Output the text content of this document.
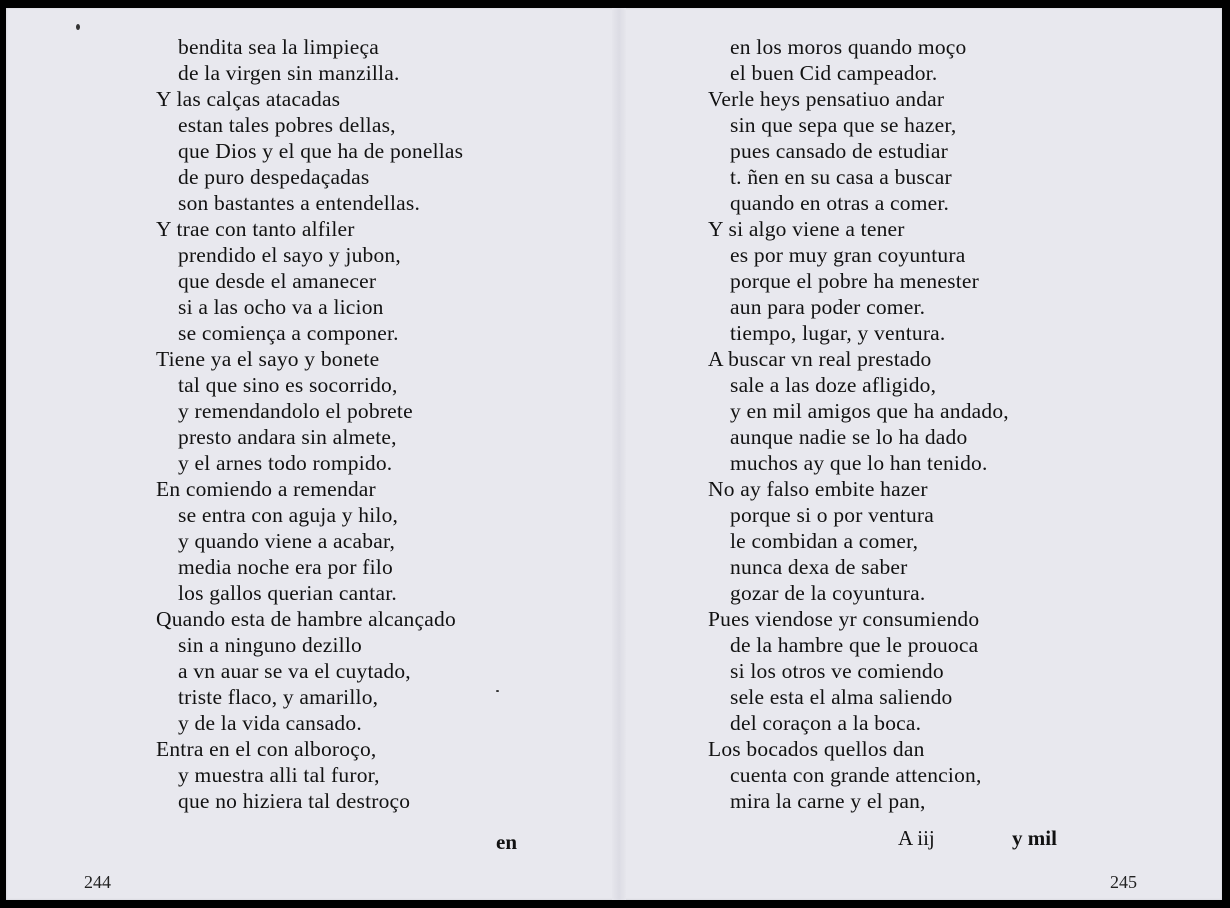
bendita sea la limpieça
de la virgen sin manzilla.
Y las calças atacadas
estan tales pobres dellas,
que Dios y el que ha de ponellas
de puro despedaçadas
son bastantes a entendellas.
Y trae con tanto alfiler
prendido el sayo y jubon,
que desde el amanecer
si a las ocho va a licion
se comiença a componer.
Tiene ya el sayo y bonete
tal que sino es socorrido,
y remendandolo el pobrete
presto andara sin almete,
y el arnes todo rompido.
En comiendo a remendar
se entra con aguja y hilo,
y quando viene a acabar,
media noche era por filo
los gallos querian cantar.
Quando esta de hambre alcançado
sin a ninguno dezillo
a vn auar se va el cuytado,
triste flaco, y amarillo,
y de la vida cansado.
Entra en el con alboroço,
y muestra alli tal furor,
que no hiziera tal destroço
en
244
en los moros quando moço
el buen Cid campeador.
Verle heys pensatiuo andar
sin que sepa que se hazer,
pues cansado de estudiar
t. ñen en su casa a buscar
quando en otras a comer.
Y si algo viene a tener
es por muy gran coyuntura
porque el pobre ha menester
aun para poder comer.
tiempo, lugar, y ventura.
A buscar vn real prestado
sale a las doze afligido,
y en mil amigos que ha andado,
aunque nadie se lo ha dado
muchos ay que lo han tenido.
No ay falso embite hazer
porque si o por ventura
le combidan a comer,
nunca dexa de saber
gozar de la coyuntura.
Pues viendose yr consumiendo
de la hambre que le prouoca
si los otros ve comiendo
sele esta el alma saliendo
del coraçon a la boca.
Los bocados quellos dan
cuenta con grande attencion,
mira la carne y el pan,
A iij	y mil
245
